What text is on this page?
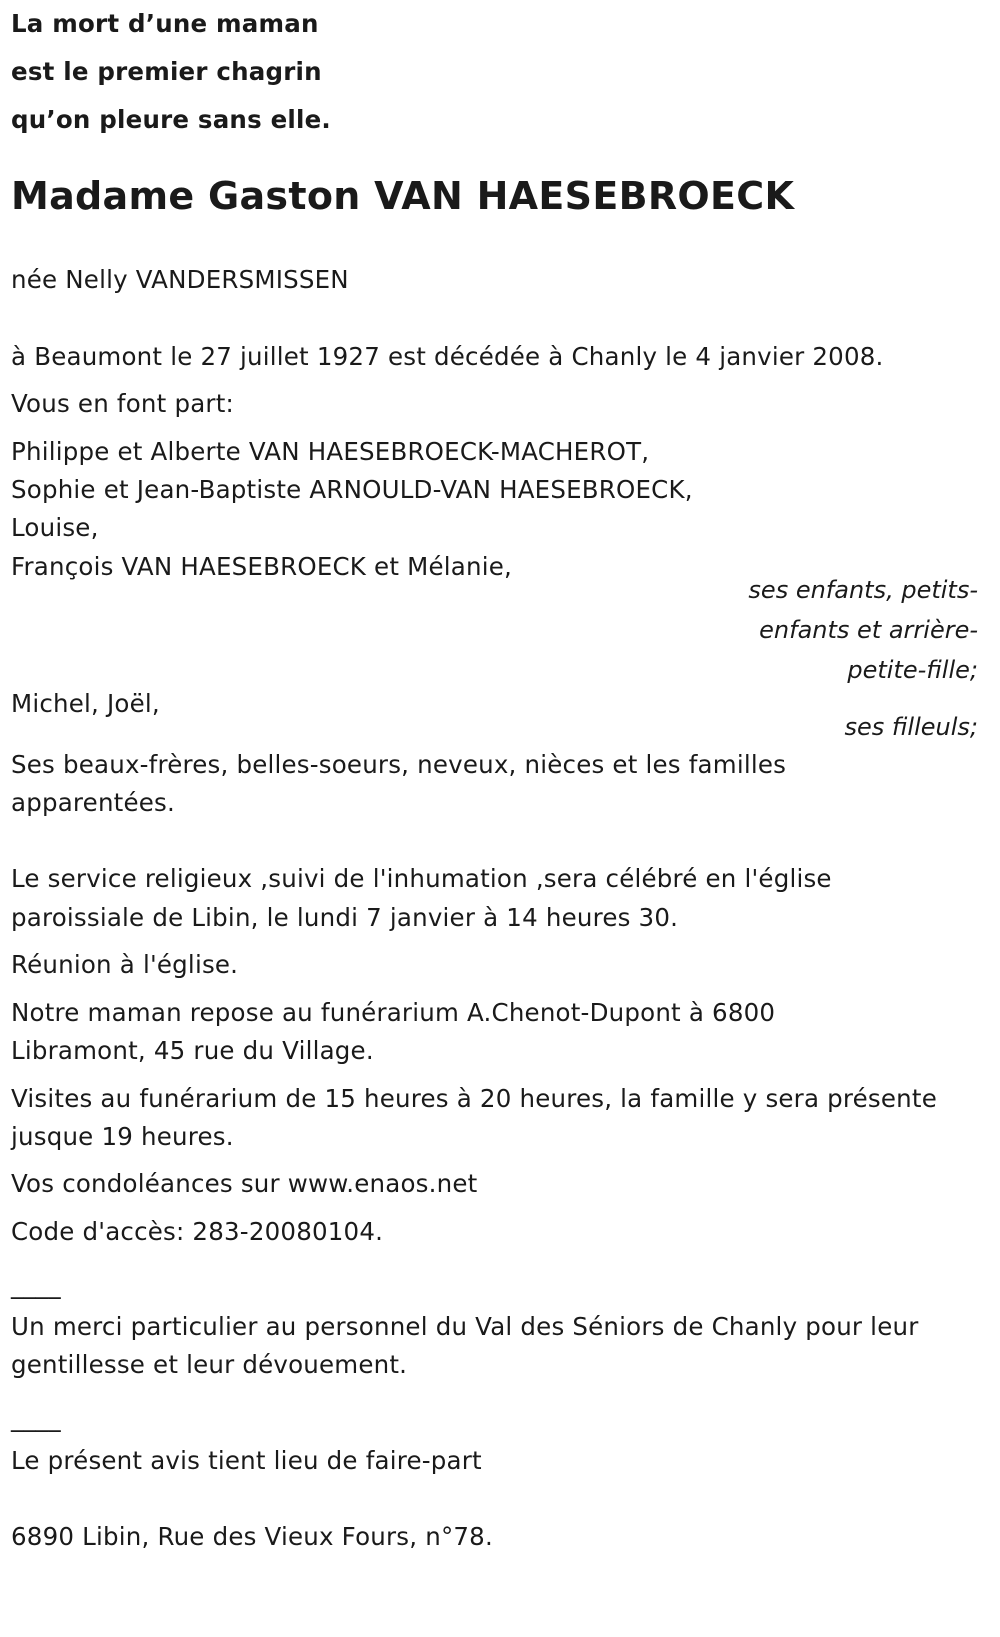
La mort d’une maman
est le premier chagrin
qu’on pleure sans elle.
Madame Gaston VAN HAESEBROECK
née Nelly VANDERSMISSEN
à Beaumont le 27 juillet 1927 est décédée à Chanly le 4 janvier 2008.
Vous en font part:
Philippe et Alberte VAN HAESEBROECK-MACHEROT,
Sophie et Jean-Baptiste ARNOULD-VAN HAESEBROECK,
Louise,
François VAN HAESEBROECK et Mélanie,
ses enfants, petits-enfants et arrière-petite-fille;
Michel, Joël,
ses filleuls;
Ses beaux-frères, belles-soeurs, neveux, nièces et les familles
apparentées.
Le service religieux ,suivi de l'inhumation ,sera célébré en l'église
paroissiale de Libin, le lundi 7 janvier à 14 heures 30.
Réunion à l'église.
Notre maman repose au funérarium A.Chenot-Dupont à 6800
Libramont, 45 rue du Village.
Visites au funérarium de 15 heures à 20 heures, la famille y sera présente
jusque 19 heures.
Vos condoléances sur www.enaos.net
Code d'accès: 283-20080104.
____
Un merci particulier au personnel du Val des Séniors de Chanly pour leur
gentillesse et leur dévouement.
____
Le présent avis tient lieu de faire-part
6890 Libin, Rue des Vieux Fours, n°78.
